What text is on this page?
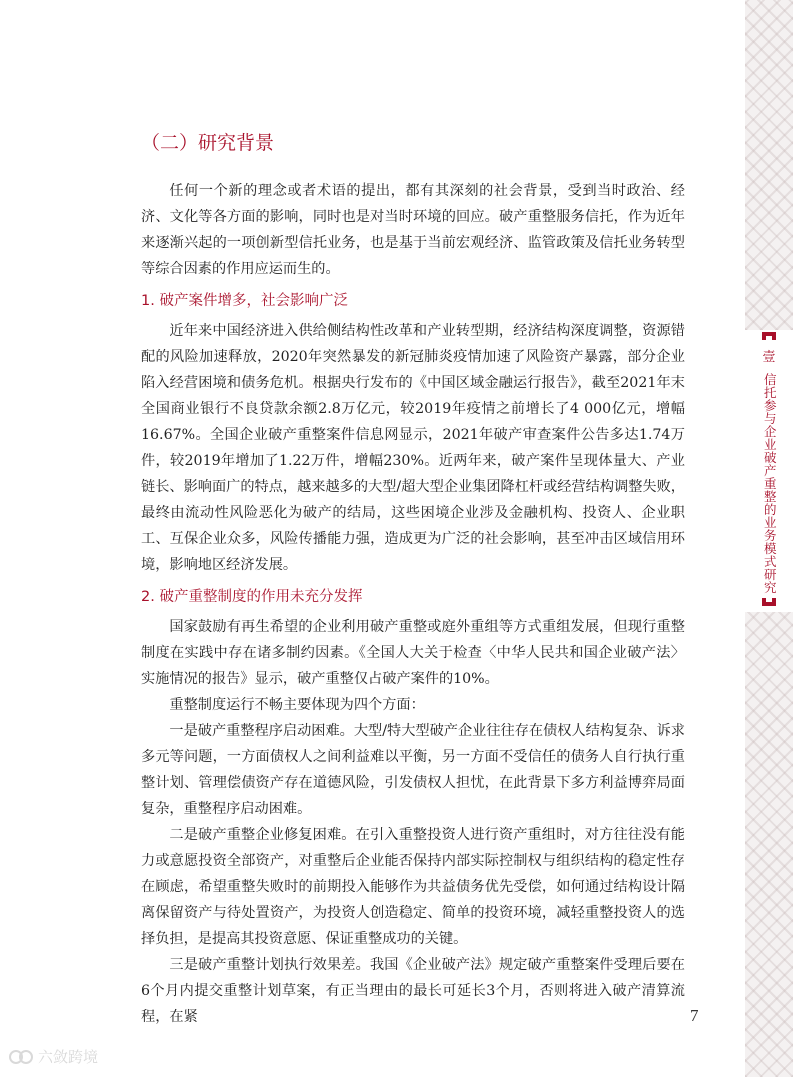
壹
信托参与企业破产重整的业务模式研究
（二）研究背景

任何一个新的理念或者术语的提出，都有其深刻的社会背景，受到当时政治、经济、文化等各方面的影响，同时也是对当时环境的回应。破产重整服务信托，作为近年来逐渐兴起的一项创新型信托业务，也是基于当前宏观经济、监管政策及信托业务转型等综合因素的作用应运而生的。

1. 破产案件增多，社会影响广泛

近年来中国经济进入供给侧结构性改革和产业转型期，经济结构深度调整，资源错配的风险加速释放，2020年突然暴发的新冠肺炎疫情加速了风险资产暴露，部分企业陷入经营困境和债务危机。根据央行发布的《中国区域金融运行报告》，截至2021年末全国商业银行不良贷款余额2.8万亿元，较2019年疫情之前增长了4 000亿元，增幅16.67%。全国企业破产重整案件信息网显示，2021年破产审查案件公告多达1.74万件，较2019年增加了1.22万件，增幅230%。近两年来，破产案件呈现体量大、产业链长、影响面广的特点，越来越多的大型/超大型企业集团降杠杆或经营结构调整失败，最终由流动性风险恶化为破产的结局，这些困境企业涉及金融机构、投资人、企业职工、互保企业众多，风险传播能力强，造成更为广泛的社会影响，甚至冲击区域信用环境，影响地区经济发展。

2. 破产重整制度的作用未充分发挥

国家鼓励有再生希望的企业利用破产重整或庭外重组等方式重组发展，但现行重整制度在实践中存在诸多制约因素。《全国人大关于检查〈中华人民共和国企业破产法〉实施情况的报告》显示，破产重整仅占破产案件的10%。

重整制度运行不畅主要体现为四个方面：

一是破产重整程序启动困难。大型/特大型破产企业往往存在债权人结构复杂、诉求多元等问题，一方面债权人之间利益难以平衡，另一方面不受信任的债务人自行执行重整计划、管理偿债资产存在道德风险，引发债权人担忧，在此背景下多方利益博弈局面复杂，重整程序启动困难。

二是破产重整企业修复困难。在引入重整投资人进行资产重组时，对方往往没有能力或意愿投资全部资产，对重整后企业能否保持内部实际控制权与组织结构的稳定性存在顾虑，希望重整失败时的前期投入能够作为共益债务优先受偿，如何通过结构设计隔离保留资产与待处置资产，为投资人创造稳定、简单的投资环境，减轻重整投资人的选择负担，是提高其投资意愿、保证重整成功的关键。

三是破产重整计划执行效果差。我国《企业破产法》规定破产重整案件受理后要在6个月内提交重整计划草案，有正当理由的最长可延长3个月，否则将进入破产清算流程，在紧	7
六敛跨境
